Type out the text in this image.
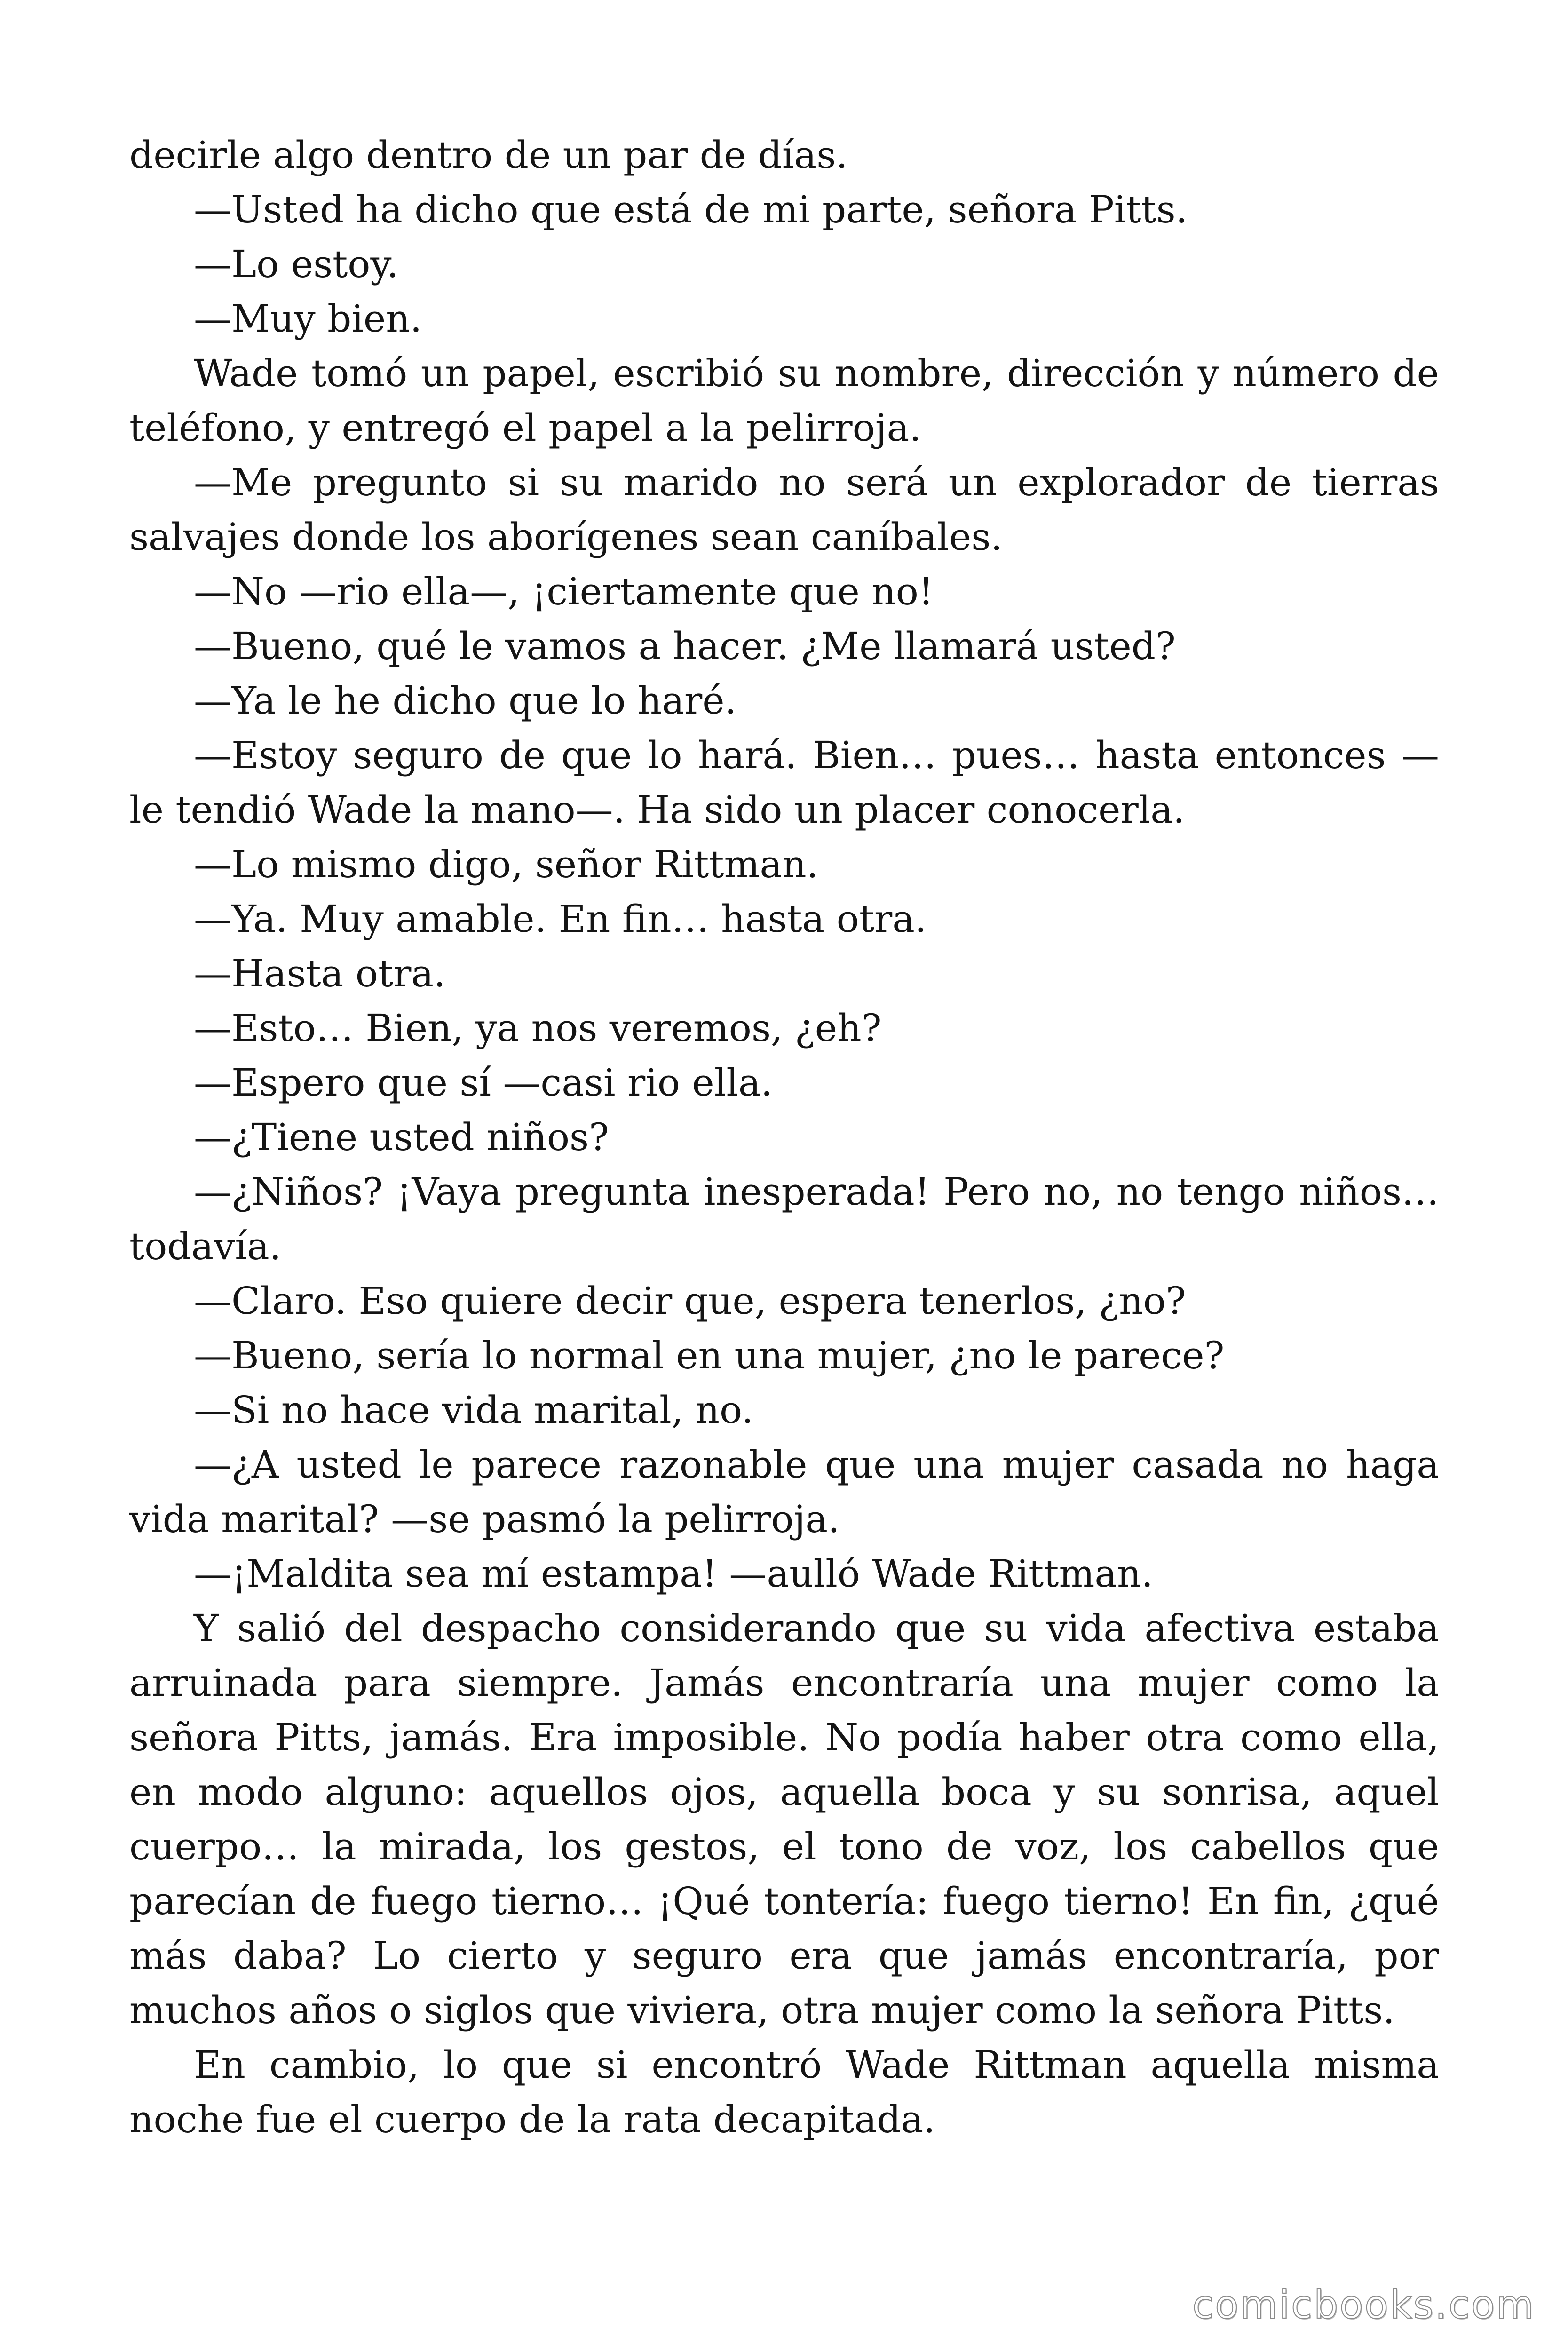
decirle algo dentro de un par de días.

—Usted ha dicho que está de mi parte, señora Pitts.

—Lo estoy.

—Muy bien.

Wade tomó un papel, escribió su nombre, dirección y número de teléfono, y entregó el papel a la pelirroja.

—Me pregunto si su marido no será un explorador de tierras salvajes donde los aborígenes sean caníbales.

—No —rio ella—, ¡ciertamente que no!

—Bueno, qué le vamos a hacer. ¿Me llamará usted?

—Ya le he dicho que lo haré.

—Estoy seguro de que lo hará. Bien… pues… hasta entonces — le tendió Wade la mano—. Ha sido un placer conocerla.

—Lo mismo digo, señor Rittman.

—Ya. Muy amable. En fin… hasta otra.

—Hasta otra.

—Esto… Bien, ya nos veremos, ¿eh?

—Espero que sí —casi rio ella.

—¿Tiene usted niños?

—¿Niños? ¡Vaya pregunta inesperada! Pero no, no tengo niños… todavía.

—Claro. Eso quiere decir que, espera tenerlos, ¿no?

—Bueno, sería lo normal en una mujer, ¿no le parece?

—Si no hace vida marital, no.

—¿A usted le parece razonable que una mujer casada no haga vida marital? —se pasmó la pelirroja.

—¡Maldita sea mí estampa! —aulló Wade Rittman.

Y salió del despacho considerando que su vida afectiva estaba arruinada para siempre. Jamás encontraría una mujer como la señora Pitts, jamás. Era imposible. No podía haber otra como ella, en modo alguno: aquellos ojos, aquella boca y su sonrisa, aquel cuerpo… la mirada, los gestos, el tono de voz, los cabellos que parecían de fuego tierno… ¡Qué tontería: fuego tierno! En fin, ¿qué más daba? Lo cierto y seguro era que jamás encontraría, por muchos años o siglos que viviera, otra mujer como la señora Pitts.

En cambio, lo que si encontró Wade Rittman aquella misma noche fue el cuerpo de la rata decapitada.

comicbooks.com
